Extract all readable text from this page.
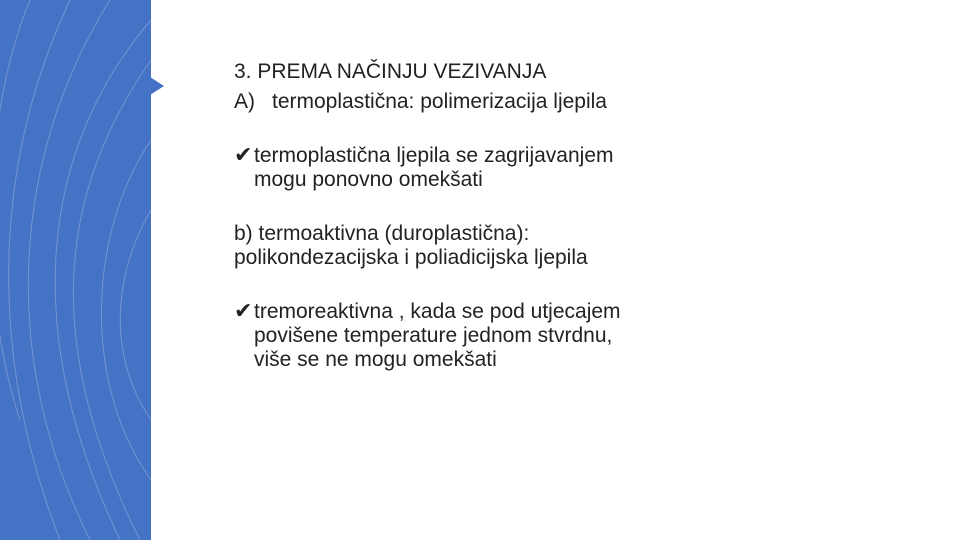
3. PREMA NAČINJU VEZIVANJA
A) termoplastična: polimerizacija ljepila
✔ termoplastična ljepila se zagrijavanjem
mogu ponovno omekšati
b) termoaktivna (duroplastična):
polikondezacijska i poliadicijska ljepila
✔ tremoreaktivna , kada se pod utjecajem
povišene temperature jednom stvrdnu,
više se ne mogu omekšati
